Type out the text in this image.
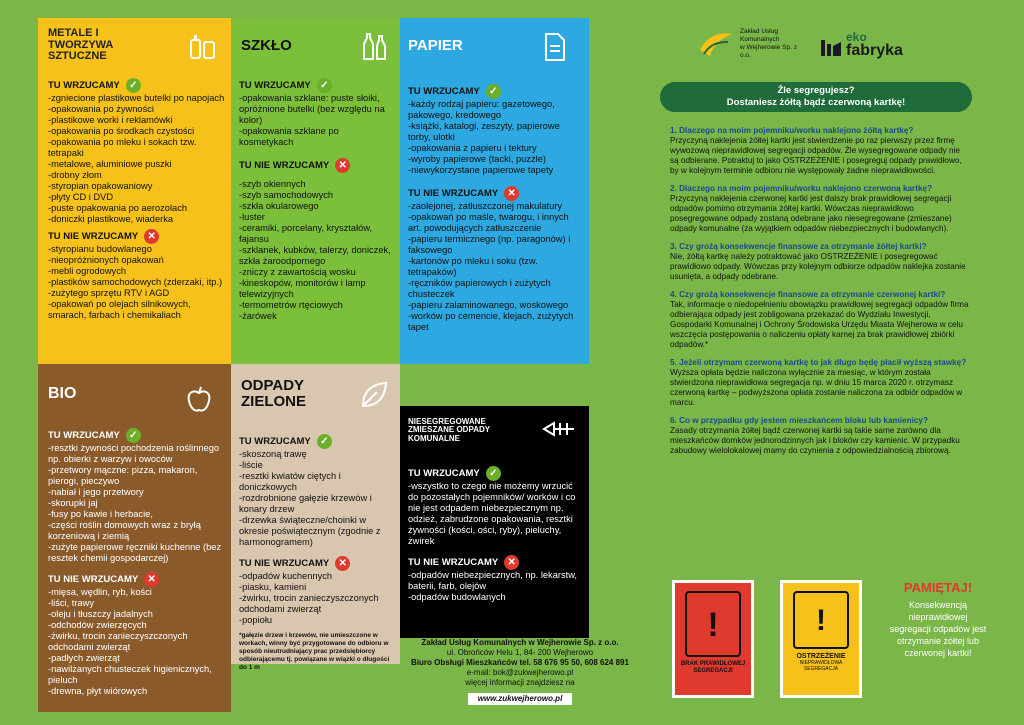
METALE I TWORZYWA SZTUCZNE
TU WRZUCAMY ✓
-zgniecione plastikowe butelki po napojach
-opakowania po żywności
-plastikowe worki i reklamówki
-opakowania po środkach czystości
-opakowania po mleku i sokach tzw. tetrapaki
-metalowe, aluminiowe puszki
-drobny złom
-styropian opakowaniowy
-płyty CD i DVD
-puste opakowania po aerozolach
-doniczki plastikowe, wiaderka
TU NIE WRZUCAMY ✕
-styropianu budowlanego
-nieopróżnionych opakowań
-mebli ogrodowych
-plastików samochodowych (zderzaki, itp.)
-zużytego sprzętu RTV i AGD
-opakowań po olejach silnikowych, smarach, farbach i chemikaliach
SZKŁO
TU WRZUCAMY ✓
-opakowania szklane: puste słoiki, opróżnione butelki (bez względu na kolor)
-opakowania szklane po kosmetykach
TU NIE WRZUCAMY ✕
-szyb okiennych
-szyb samochodowych
-szkła okularowego
-luster
-ceramiki, porcelany, kryształów, fajansu
-szklanek, kubków, talerzy, doniczek, szkła żaroodpornego
-zniczy z zawartością wosku
-kineskopów, monitorów i lamp telewizyjnych
-termometrów rtęciowych
-żarówek
PAPIER
TU WRZUCAMY ✓
-każdy rodzaj papieru: gazetowego, pakowego, kredowego
-książki, katalogi, zeszyty, papierowe torby, ulotki
-opakowania z papieru i tektury
-wyroby papierowe (tacki, puzzle)
-niewykorzystane papierowe tapety
TU NIE WRZUCAMY ✕
-zaolejonej, zatłuszczonej makulatury
-opakowań po maśle, twarogu, i innych art. powodujących zatłuszczenie
-papieru termicznego (np. paragonów) i faksowego
-kartonów po mleku i soku (tzw. tetrapaków)
-ręczników papierowych i zużytych chusteczek
-papieru zalaminowanego, woskowego
-worków po cemencie, klejach, zużytych tapet
BIO
TU WRZUCAMY ✓
-resztki żywności pochodzenia roślinnego np. obierki z warzyw i owoców
-przetwory mączne: pizza, makaron, pierogi, pieczywo
-nabiał i jego przetwory
-skorupki jaj
-fusy po kawie i herbacie,
-części roślin domowych wraz z bryłą korzeniową i ziemią
-zużyte papierowe ręczniki kuchenne (bez resztek chemii gospodarczej)
TU NIE WRZUCAMY ✕
-mięsa, wędlin, ryb, kości
-liści, trawy
-oleju i tłuszczy jadalnych
-odchodów zwierzęcych
-żwirku, trocin zanieczyszczonych odchodami zwierząt
-padłych zwierząt
-nawilżanych chusteczek higienicznych, pieluch
-drewna, płyt wiórowych
ODPADY ZIELONE
TU WRZUCAMY ✓
-skoszoną trawę
-liście
-resztki kwiatów ciętych i doniczkowych
-rozdrobnione gałęzie krzewów i konary drzew
-drzewka świąteczne/choinki w okresie poświątecznym (zgodnie z harmonogramem)
TU NIE WRZUCAMY ✕
-odpadów kuchennych
-piasku, kamieni
-żwirku, trocin zanieczyszczonych odchodami zwierząt
-popiołu
*gałęzie drzew i krzewów, nie umieszczone w workach, winny być przygotowane do odbioru w sposób nieutrudniający prac przedsiębiorcy odbierającemu tj. powiązane w wiązki o długości do 1 m
NIESEGREGOWANE ZMIESZANE ODPADY KOMUNALNE
TU WRZUCAMY ✓
-wszystko to czego nie możemy wrzucić do pozostałych pojemników/ worków i co nie jest odpadem niebezpiecznym np. odzież, zabrudzone opakowania, resztki żywności (kości, ości, ryby), pieluchy, żwirek
TU NIE WRZUCAMY ✕
-odpadów niebezpiecznych, np. lekarstw, baterii, farb, olejów
-odpadów budowlanych
Zakład Usług Komunalnych w Wejherowie Sp. z o.o.
ul. Obrońców Helu 1, 84- 200 Wejherowo
Biuro Obsługi Mieszkańców tel. 58 676 95 50, 608 624 891
e-mail: bok@zukwejherowo.pl
więcej informacji znajdziesz na
www.zukwejherowo.pl
Zakład Usług Komunalnych
w Wejherowie Sp. z o.o.
eko
fabryka
Źle segregujesz?
Dostaniesz żółtą bądź czerwoną kartkę!
1. Dlaczego na moim pojemniku/worku naklejono żółtą kartkę?
Przyczyną naklejenia żółtej kartki jest stwierdzenie po raz pierwszy przez firmę wywozową nieprawidłowej segregacji odpadów. Źle wysegregowane odpady nie są odbierane. Potraktuj to jako OSTRZEŻENIE i posegreguj odpady prawidłowo, by w kolejnym terminie odbioru nie występowały żadne nieprawidłowości.
2. Dlaczego na moim pojemniku/worku naklejono czerwoną kartkę?
Przyczyną naklejenia czerwonej kartki jest dalszy brak prawidłowej segregacji odpadów pomimo otrzymania żółtej kartki. Wówczas nieprawidłowo posegregowane odpady zostaną odebrane jako niesegregowane (zmieszane) odpady komunalne (za wyjątkiem odpadów niebezpiecznych i budowlanych).
3. Czy grożą konsekwencje finansowe za otrzymanie żółtej kartki?
Nie, żółtą kartkę należy potraktować jako OSTRZEŻENIE i posegregować prawidłowo odpady. Wówczas przy kolejnym odbiorze odpadów naklejka zostanie usunięta, a odpady odebrane.
4. Czy grożą konsekwencje finansowe za otrzymanie czerwonej kartki?
Tak, informacje o niedopełnieniu obowiązku prawidłowej segregacji odpadów firma odbierająca odpady jest zobligowana przekazać do Wydziału Inwestycji, Gospodarki Komunalnej i Ochrony Środowiska Urzędu Miasta Wejherowa w celu wszczęcia postępowania o naliczeniu opłaty karnej za brak prawidłowej zbiórki odpadów.*
5. Jeżeli otrzymam czerwoną kartkę to jak długo będę płacił wyższą stawkę?
Wyższa opłata będzie naliczona wyłącznie za miesiąc, w którym została stwierdzona nieprawidłowa segregacja np. w dniu 15 marca 2020 r. otrzymasz czerwoną kartkę – podwyższona opłata zostanie naliczona za odbiór odpadów w marcu.
6. Co w przypadku gdy jestem mieszkańcem bloku lub kamienicy?
Zasady otrzymania żółtej bądź czerwonej kartki są takie same zarówno dla mieszkańców domków jednorodzinnych jak i bloków czy kamienic. W przypadku zabudowy wielolokalowej mamy do czynienia z odpowiedzialnością zbiorową.
!
BRAK PRAWIDŁOWEJ SEGREGACJI
!
OSTRZEŻENIE
NIEPRAWIDŁOWA SEGREGACJA
PAMIĘTAJ!
Konsekwencją nieprawidłowej segregacji odpadów jest otrzymanie żółtej lub czerwonej kartki!
